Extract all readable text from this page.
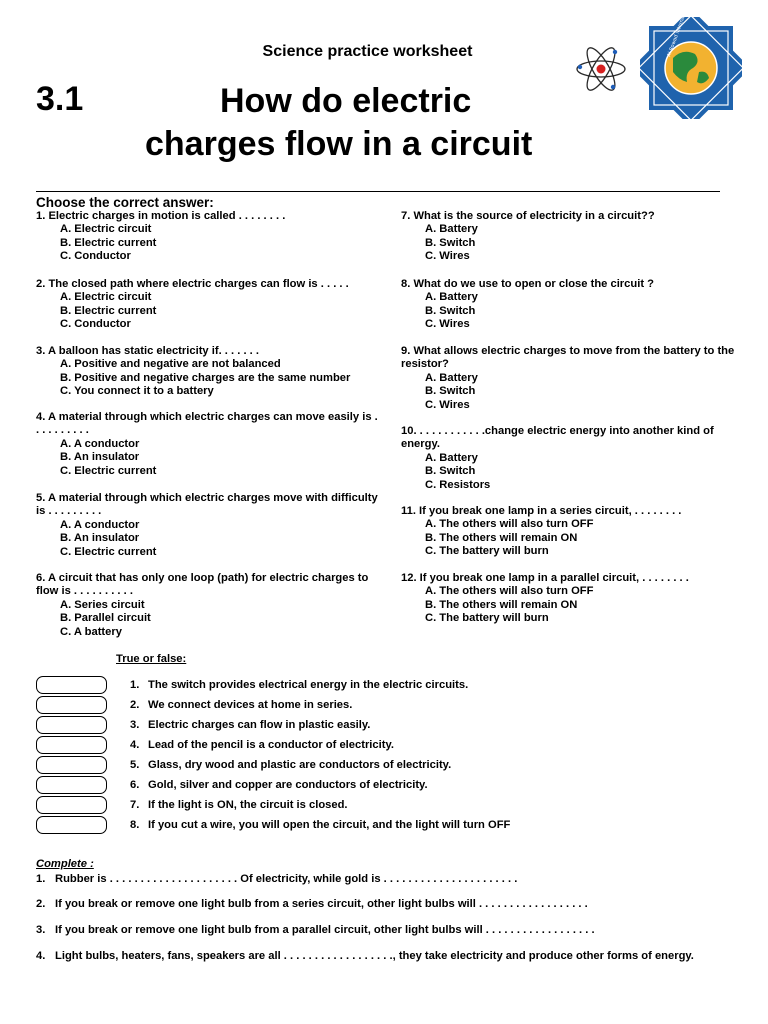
Science practice worksheet
3.1	How do electric
charges flow in a circuit
Choose the correct answer:
1. Electric charges in motion is called . . . . . . . .
A. Electric circuit
B. Electric current
C. Conductor
2. The closed path where electric charges can flow is . . . . .
A. Electric circuit
B. Electric current
C. Conductor
3. A balloon has static electricity if. . . . . . .
A. Positive and negative are not balanced
B. Positive and negative charges are the same number
C. You connect it to a battery
4. A material through which electric charges can move easily is . . . . . . . . . .
A. A conductor
B. An insulator
C. Electric current
5. A material through which electric charges move with difficulty is . . . . . . . . .
A. A conductor
B. An insulator
C. Electric current
6. A circuit that has only one loop (path) for electric charges to flow is . . . . . . . . . .
A. Series circuit
B. Parallel circuit
C. A battery
7. What is the source of electricity in a circuit??
A. Battery
B. Switch
C. Wires
8. What do we use to open or close the circuit ?
A. Battery
B. Switch
C. Wires
9. What allows electric charges to move from the battery to the resistor?
A. Battery
B. Switch
C. Wires
10. . . . . . . . . . . .change electric energy into another kind of energy.
A. Battery
B. Switch
C. Resistors
11. If you break one lamp in a series circuit, . . . . . . . .
A. The others will also turn OFF
B. The others will remain ON
C. The battery will burn
12. If you break one lamp in a parallel circuit, . . . . . . . .
A. The others will also turn OFF
B. The others will remain ON
C. The battery will burn
True or false:
1. The switch provides electrical energy in the electric circuits.
2. We connect devices at home in series.
3. Electric charges can flow in plastic easily.
4. Lead of the pencil is a conductor of electricity.
5. Glass, dry wood and plastic are conductors of electricity.
6. Gold, silver and copper are conductors of electricity.
7. If the light is ON, the circuit is closed.
8. If you cut a wire, you will open the circuit, and the light will turn OFF
Complete :
1. Rubber is . . . . . . . . . . . . . . . . . . . . . Of electricity, while gold is . . . . . . . . . . . . . . . . . . . . . .
2. If you break or remove one light bulb from a series circuit, other light bulbs will . . . . . . . . . . . . . . . . . .
3. If you break or remove one light bulb from a parallel circuit, other light bulbs will . . . . . . . . . . . . . . . . . .
4. Light bulbs, heaters, fans, speakers are all . . . . . . . . . . . . . . . . . ., they take electricity and produce other forms of energy.
